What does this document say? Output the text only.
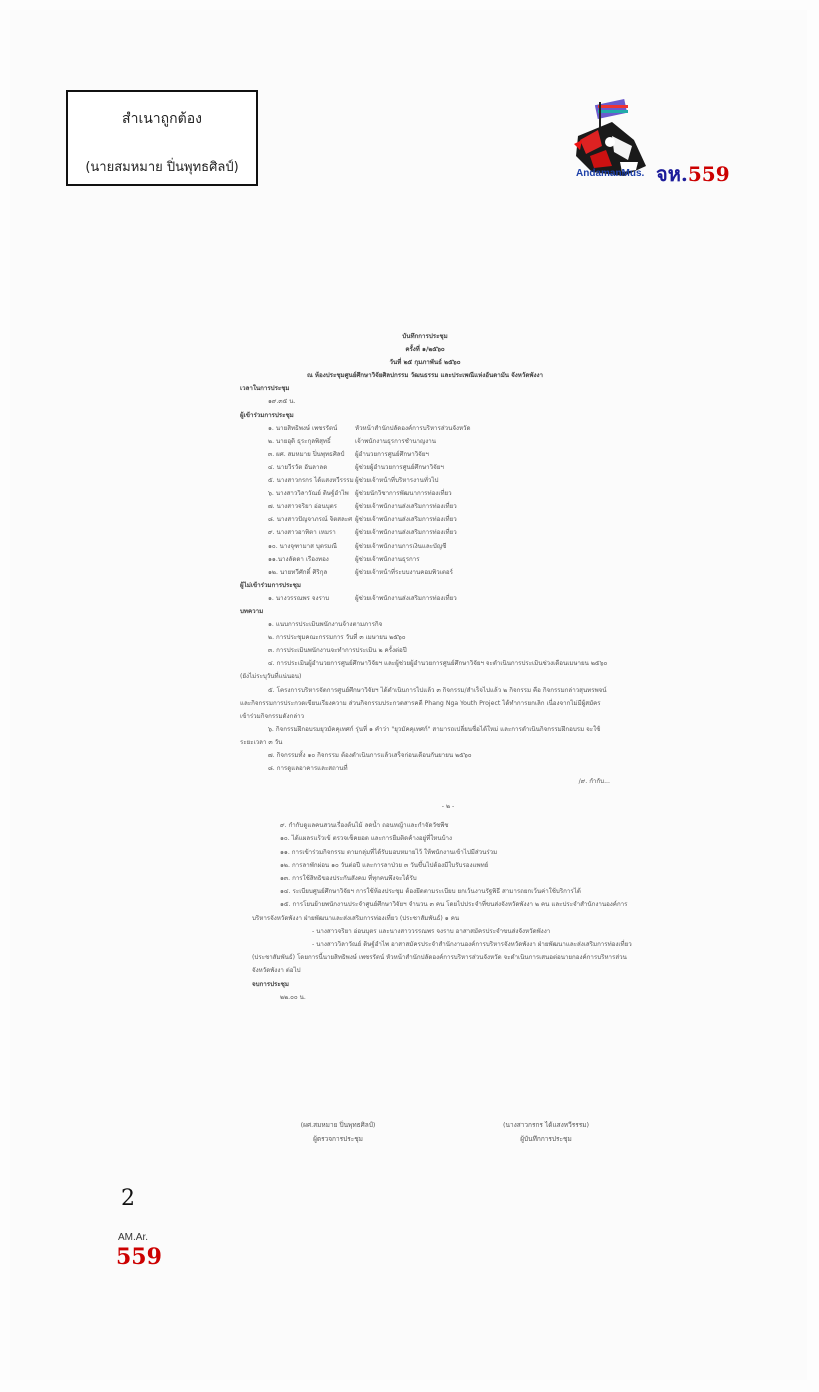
สำเนาถูกต้อง
(นายสมหมาย ปิ่นพุทธศิลป์)	AndamanMus. จห.559
บันทึกการประชุม
ครั้งที่ ๑/๒๕๖๐
วันที่ ๒๕ กุมภาพันธ์ ๒๕๖๐
ณ ห้องประชุมศูนย์ศึกษาวิจัยศิลปกรรม วัฒนธรรม และประเพณีแห่งอันดามัน จังหวัดพังงา
เวลาในการประชุม
๑๙.๓๕ น.
ผู้เข้าร่วมการประชุม
๑. นายสิทธิพงษ์ เพชรรัตน์	หัวหน้าสำนักปลัดองค์การบริหารส่วนจังหวัด
๒. นายอุดิ ธุระกุลพิสุทธิ์	เจ้าพนักงานธุรการชำนาญงาน
๓. ผศ. สมหมาย ปิ่นพุทธศิลป์	ผู้อำนวยการศูนย์ศึกษาวิจัยฯ
๔. นายวีรวัต อันลาลด	ผู้ช่วยผู้อำนวยการศูนย์ศึกษาวิจัยฯ
๕. นางสาวกรกร ได้แสงหวีรรรม ผู้ช่วยเจ้าหน้าที่บริหารงานทั่วไป
๖. นางสาววิลาวัณย์ ดิษฐ์อำไพ	ผู้ช่วยนักวิชาการพัฒนาการท่องเที่ยว
๗. นางสาวจริยา อ่อนบุตร	ผู้ช่วยเจ้าพนักงานส่งเสริมการท่องเที่ยว
๘. นางสาวปัญจาภรณ์ จิตสละศ ผู้ช่วยเจ้าพนักงานส่งเสริมการท่องเที่ยว
๙. นางสาวอาทิตา เหมรา	ผู้ช่วยเจ้าพนักงานส่งเสริมการท่องเที่ยว
๑๐. นางจุฑามาส บุตรมณี	ผู้ช่วยเจ้าพนักงานการเงินและบัญชี
๑๑.นางลัดดา เรืองทอง	ผู้ช่วยเจ้าพนักงานธุรการ
๑๒. นายทวีศักดิ์ ศิริกุล	ผู้ช่วยเจ้าหน้าที่ระบบงานคอมพิวเตอร์
ผู้ไม่เข้าร่วมการประชุม
๑. นางวรรณพร จงราบ	ผู้ช่วยเจ้าพนักงานส่งเสริมการท่องเที่ยว
บทความ
๑. แนบการประเมินพนักงานจ้างตามภารกิจ
๒. การประชุมคณะกรรมการ วันที่ ๓ เมษายน ๒๕๖๐
๓. การประเมินพนักงานจะทำการประเมิน ๒ ครั้งต่อปี
๔. การประเมินผู้อำนวยการศูนย์ศึกษาวิจัยฯ และผู้ช่วยผู้อำนวยการศูนย์ศึกษาวิจัยฯ จะดำเนินการประเมินช่วงเดือนเมษายน ๒๕๖๐ (ยังไม่ระบุวันที่แน่นอน)
๕. โครงการบริหารจัดการศูนย์ศึกษาวิจัยฯ ได้ดำเนินการไปแล้ว ๓ กิจกรรม/สำเร็จไปแล้ว ๒ กิจกรรม คือ กิจกรรมกล่าวสุนทรพจน์ และกิจกรรมการประกวดเขียนเรียงความ ส่วนกิจกรรมประกวดสารคดี Phang Nga Youth Project ได้ทำการยกเลิก เนื่องจากไม่มีผู้สมัครเข้าร่วมกิจกรรมดังกล่าว
๖. กิจกรรมฝึกอบรมยุวมัคคุเทศก์ รุ่นที่ ๑ คำว่า "ยุวมัคคุเทศก์" สามารถเปลี่ยนชื่อได้ใหม่ และการดำเนินกิจกรรมฝึกอบรม จะใช้ระยะเวลา ๓ วัน
๗. กิจกรรมทั้ง ๑๐ กิจกรรม ต้องดำเนินการแล้วเสร็จก่อนเดือนกันยายน ๒๕๖๐
๘. การดูแลอาคารและสถานที่
/๙. กำกับ...
- ๒ -
๙. กำกับดูแลคนสวนเรื่องต้นไม้ ลดน้ำ ถอนหญ้าและกำจัดวัชพืช
๑๐. ได้แผลรแร้วเข้ ตรวจเช็คยอด และการยืมติดค้างอยู่ที่ใหนบ้าง
๑๑. การเข้าร่วมกิจกรรม ตามกลุ่มที่ได้รับมอบหมายไว้ ให้พนักงานเข้าไปมีส่วนร่วม
๑๒. การลาพักผ่อน ๑๐ วันต่อปี และการลาป่วย ๓ วันขึ้นไปต้องมีใบรับรองแพทย์
๑๓. การใช้สิทธิของประกันสังคม ที่ทุกคนพึงจะได้รับ
๑๔. ระเบียบศูนย์ศึกษาวิจัยฯ การใช้ห้องประชุม ต้องยึดตามระเบียบ ยกเว้นงานรัฐพิธี สามารถยกเว้นค่าใช้บริการได้
๑๕. การโยนย้ายพนักงานประจำศูนย์ศึกษาวิจัยฯ จำนวน ๓ คน โดยไปประจำที่ขนส่งจังหวัดพังงา ๒ คน และประจำสำนักงานองค์การบริหารจังหวัดพังงา ฝ่ายพัฒนาและส่งเสริมการท่องเที่ยว (ประชาสัมพันธ์) ๑ คน
- นางสาวจริยา อ่อนบุตร และนางสาววรรณพร จงราบ อาสาสมัครประจำขนส่งจังหวัดพังงา
- นางสาววิลาวัณย์ ดิษฐ์อำไพ อาสาสมัครประจำสำนักงานองค์การบริหารจังหวัดพังงา ฝ่ายพัฒนาและส่งเสริมการท่องเที่ยว (ประชาสัมพันธ์) โดยการนี้นายสิทธิพงษ์ เพชรรัตน์ หัวหน้าสำนักปลัดองค์การบริหารส่วนจังหวัด จะดำเนินการเสนอต่อนายกองค์การบริหารส่วนจังหวัดพังงา ต่อไป
จบการประชุม
๒๒.๐๐ น.
(ผศ.สมหมาย ปิ่นพุทธศิลป์)
ผู้ตรวจการประชุม
(นางสาวกรกร ได้แสงหวีรรรม)
ผู้บันทึกการประชุม
2
AM.Ar.
559
